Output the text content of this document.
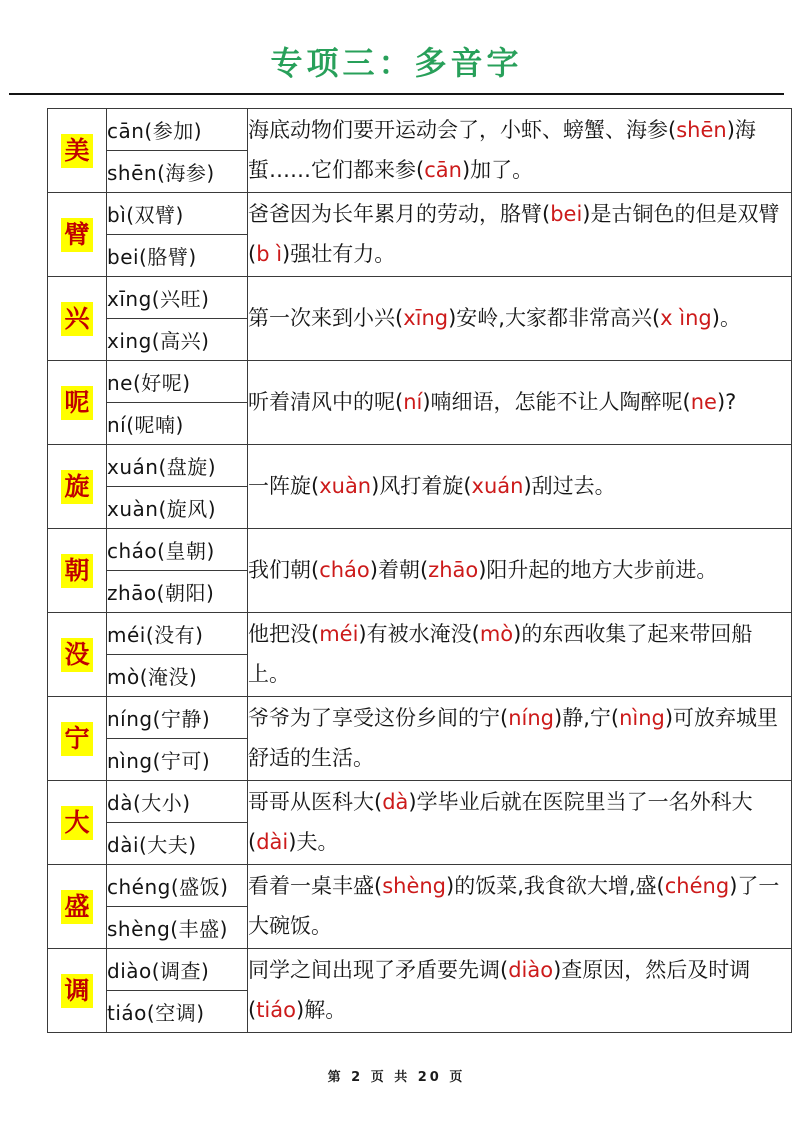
专项三：多音字
美	cān(参加)	海底动物们要开运动会了，小虾、螃蟹、海参(shēn)海蜇……它们都来参(cān)加了。
	shēn(海参)	
臂	bì(双臂)	爸爸因为长年累月的劳动，胳臂(bei)是古铜色的但是双臂(b ì)强壮有力。
	bei(胳臂)	
兴	xīng(兴旺)	第一次来到小兴(xīng)安岭,大家都非常高兴(x ìng)。
	xing(高兴)	
呢	ne(好呢)	听着清风中的呢(ní)喃细语，怎能不让人陶醉呢(ne)?
	ní(呢喃)	
旋	xuán(盘旋)	一阵旋(xuàn)风打着旋(xuán)刮过去。
	xuàn(旋风)	
朝	cháo(皇朝)	我们朝(cháo)着朝(zhāo)阳升起的地方大步前进。
	zhāo(朝阳)	
没	méi(没有)	他把没(méi)有被水淹没(mò)的东西收集了起来带回船上。
	mò(淹没)	
宁	níng(宁静)	爷爷为了享受这份乡间的宁(níng)静,宁(nìng)可放弃城里舒适的生活。
	nìng(宁可)	
大	dà(大小)	哥哥从医科大(dà)学毕业后就在医院里当了一名外科大(dài)夫。
	dài(大夫)	
盛	chéng(盛饭)	看着一桌丰盛(shèng)的饭菜,我食欲大增,盛(chéng)了一大碗饭。
	shèng(丰盛)	
调	diào(调查)	同学之间出现了矛盾要先调(diào)查原因，然后及时调(tiáo)解。
	tiáo(空调)	
第 2 页 共 20 页
